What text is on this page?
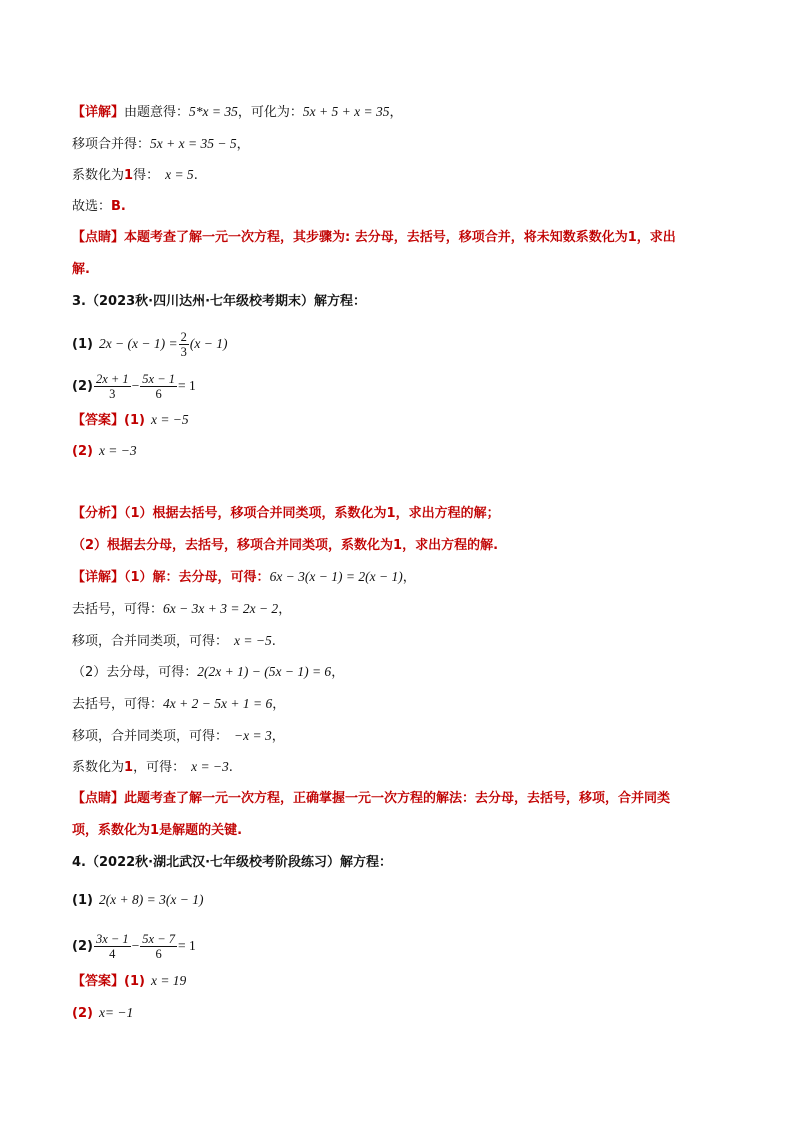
【详解】由题意得：5*x = 35，可化为：5x + 5 + x = 35，
移项合并得：5x + x = 35 − 5，
系数化为1得： x = 5.
故选：B.
【点睛】本题考查了解一元一次方程，其步骤为: 去分母，去括号，移项合并，将未知数系数化为1，求出
解.
3.（2023秋·四川达州·七年级校考期末）解方程：
(1) $2x - (x - 1) = \frac{2}{3} (x - 1)$
$(2) \frac{2x + 1}{3} - \frac{5x - 1}{6} = 1$
【答案】(1) x = −5
(2) x = −3
【分析】（1）根据去括号，移项合并同类项，系数化为1，求出方程的解；
（2）根据去分母，去括号，移项合并同类项，系数化为1，求出方程的解.
【详解】（1）解：去分母，可得：6x − 3(x − 1) = 2(x − 1)，
去括号，可得：6x − 3x + 3 = 2x − 2，
移项，合并同类项，可得： x = −5.
（2）去分母，可得：2(2x + 1) − (5x − 1) = 6，
去括号，可得：4x + 2 − 5x + 1 = 6，
移项，合并同类项，可得： −x = 3，
系数化为1，可得： x = −3.
【点睛】此题考查了解一元一次方程，正确掌握一元一次方程的解法：去分母，去括号，移项，合并同类
项，系数化为1是解题的关键.
4.（2022秋·湖北武汉·七年级校考阶段练习）解方程：
(1) 2(x + 8) = 3(x − 1)
$(2) \frac{3x - 1}{4} - \frac{5x - 7}{6} = 1$
【答案】(1) x = 19
(2) x= −1
